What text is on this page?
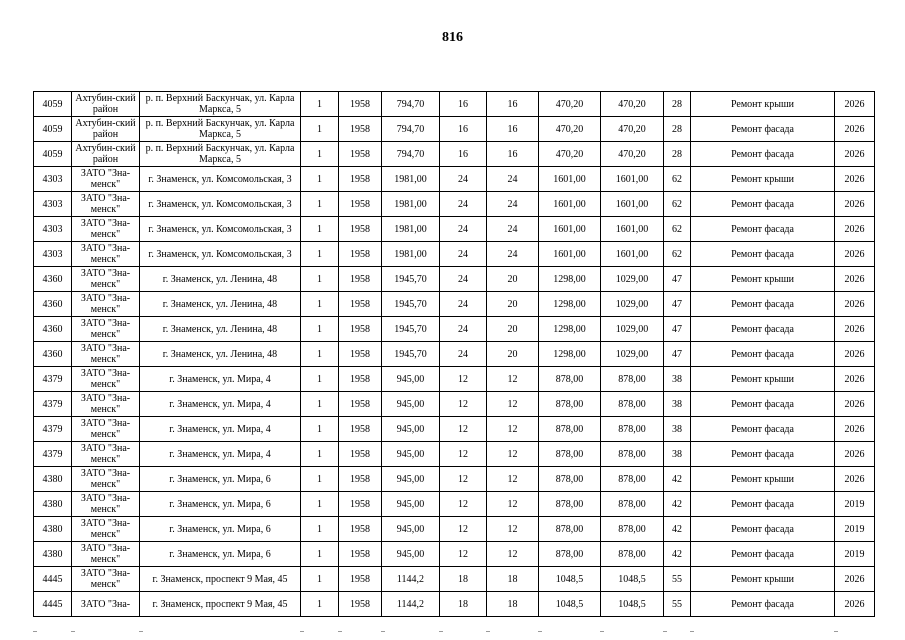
816
4059	Ахтубин-ский район	р. п. Верхний Баскунчак, ул. Карла Маркса, 5	1	1958	794,70	16	16	470,20	470,20	28	Ремонт крыши	2026
4059	Ахтубин-ский район	р. п. Верхний Баскунчак, ул. Карла Маркса, 5	1	1958	794,70	16	16	470,20	470,20	28	Ремонт фасада	2026
4059	Ахтубин-ский район	р. п. Верхний Баскунчак, ул. Карла Маркса, 5	1	1958	794,70	16	16	470,20	470,20	28	Ремонт фасада	2026
4303	ЗАТО "Зна-менск"	г. Знаменск, ул. Комсомольская, 3	1	1958	1981,00	24	24	1601,00	1601,00	62	Ремонт крыши	2026
4303	ЗАТО "Зна-менск"	г. Знаменск, ул. Комсомольская, 3	1	1958	1981,00	24	24	1601,00	1601,00	62	Ремонт фасада	2026
4303	ЗАТО "Зна-менск"	г. Знаменск, ул. Комсомольская, 3	1	1958	1981,00	24	24	1601,00	1601,00	62	Ремонт фасада	2026
4303	ЗАТО "Зна-менск"	г. Знаменск, ул. Комсомольская, 3	1	1958	1981,00	24	24	1601,00	1601,00	62	Ремонт фасада	2026
4360	ЗАТО "Зна-менск"	г. Знаменск, ул. Ленина, 48	1	1958	1945,70	24	20	1298,00	1029,00	47	Ремонт крыши	2026
4360	ЗАТО "Зна-менск"	г. Знаменск, ул. Ленина, 48	1	1958	1945,70	24	20	1298,00	1029,00	47	Ремонт фасада	2026
4360	ЗАТО "Зна-менск"	г. Знаменск, ул. Ленина, 48	1	1958	1945,70	24	20	1298,00	1029,00	47	Ремонт фасада	2026
4360	ЗАТО "Зна-менск"	г. Знаменск, ул. Ленина, 48	1	1958	1945,70	24	20	1298,00	1029,00	47	Ремонт фасада	2026
4379	ЗАТО "Зна-менск"	г. Знаменск, ул. Мира, 4	1	1958	945,00	12	12	878,00	878,00	38	Ремонт крыши	2026
4379	ЗАТО "Зна-менск"	г. Знаменск, ул. Мира, 4	1	1958	945,00	12	12	878,00	878,00	38	Ремонт фасада	2026
4379	ЗАТО "Зна-менск"	г. Знаменск, ул. Мира, 4	1	1958	945,00	12	12	878,00	878,00	38	Ремонт фасада	2026
4379	ЗАТО "Зна-менск"	г. Знаменск, ул. Мира, 4	1	1958	945,00	12	12	878,00	878,00	38	Ремонт фасада	2026
4380	ЗАТО "Зна-менск"	г. Знаменск, ул. Мира, 6	1	1958	945,00	12	12	878,00	878,00	42	Ремонт крыши	2026
4380	ЗАТО "Зна-менск"	г. Знаменск, ул. Мира, 6	1	1958	945,00	12	12	878,00	878,00	42	Ремонт фасада	2019
4380	ЗАТО "Зна-менск"	г. Знаменск, ул. Мира, 6	1	1958	945,00	12	12	878,00	878,00	42	Ремонт фасада	2019
4380	ЗАТО "Зна-менск"	г. Знаменск, ул. Мира, 6	1	1958	945,00	12	12	878,00	878,00	42	Ремонт фасада	2019
4445	ЗАТО "Зна-менск"	г. Знаменск, проспект 9 Мая, 45	1	1958	1144,2	18	18	1048,5	1048,5	55	Ремонт крыши	2026
4445	ЗАТО "Зна-	г. Знаменск, проспект 9 Мая, 45	1	1958	1144,2	18	18	1048,5	1048,5	55	Ремонт фасада	2026
